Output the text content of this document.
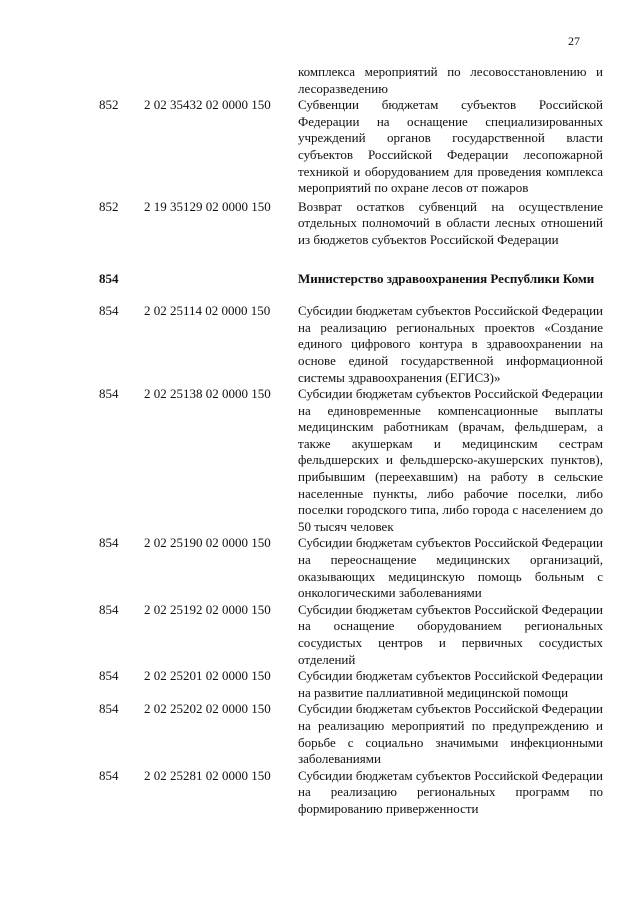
27
комплекса мероприятий по лесовосстановлению и лесоразведению
852 2 02 35432 02 0000 150 Субвенции бюджетам субъектов Российской Федерации на оснащение специализированных учреждений органов государственной власти субъектов Российской Федерации лесопожарной техникой и оборудованием для проведения комплекса мероприятий по охране лесов от пожаров
852 2 19 35129 02 0000 150 Возврат остатков субвенций на осуществление отдельных полномочий в области лесных отношений из бюджетов субъектов Российской Федерации
854	Министерство здравоохранения Республики Коми
854 2 02 25114 02 0000 150 Субсидии бюджетам субъектов Российской Федерации на реализацию региональных проектов «Создание единого цифрового контура в здравоохранении на основе единой государственной информационной системы здравоохранения (ЕГИСЗ)»
854 2 02 25138 02 0000 150 Субсидии бюджетам субъектов Российской Федерации на единовременные компенсационные выплаты медицинским работникам (врачам, фельдшерам, а также акушеркам и медицинским сестрам фельдшерских и фельдшерско-акушерских пунктов), прибывшим (переехавшим) на работу в сельские населенные пункты, либо рабочие поселки, либо поселки городского типа, либо города с населением до 50 тысяч человек
854 2 02 25190 02 0000 150 Субсидии бюджетам субъектов Российской Федерации на переоснащение медицинских организаций, оказывающих медицинскую помощь больным с онкологическими заболеваниями
854 2 02 25192 02 0000 150 Субсидии бюджетам субъектов Российской Федерации на оснащение оборудованием региональных сосудистых центров и первичных сосудистых отделений
854 2 02 25201 02 0000 150 Субсидии бюджетам субъектов Российской Федерации на развитие паллиативной медицинской помощи
854 2 02 25202 02 0000 150 Субсидии бюджетам субъектов Российской Федерации на реализацию мероприятий по предупреждению и борьбе с социально значимыми инфекционными заболеваниями
854 2 02 25281 02 0000 150 Субсидии бюджетам субъектов Российской Федерации на реализацию региональных программ по формированию приверженности
